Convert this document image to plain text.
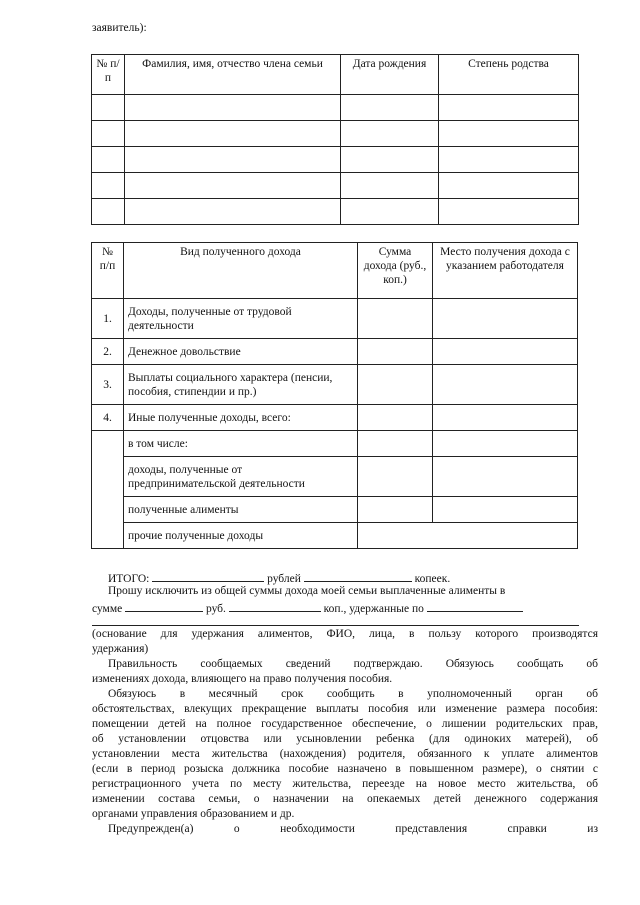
заявитель):
№ п/п	Фамилия, имя, отчество члена семьи	Дата рождения	Степень родства

№ п/п	Вид полученного дохода	Сумма дохода (руб., коп.)	Место получения дохода с указанием работодателя
1.	Доходы, полученные от трудовой деятельности		
2.	Денежное довольствие		
3.	Выплаты социального характера (пенсии, пособия, стипендии и пр.)		
4.	Иные полученные доходы, всего:		
	в том числе:		
	доходы, полученные от предпринимательской деятельности		
	полученные алименты		
	прочие полученные доходы		
ИТОГО:	рублей	копеек.
Прошу исключить из общей суммы дохода моей семьи выплаченные алименты в
сумме	руб.	коп., удержанные по
(основание для удержания алиментов, ФИО, лица, в пользу которого производятся
удержания)
Правильность сообщаемых сведений подтверждаю. Обязуюсь сообщать об
изменениях дохода, влияющего на право получения пособия.
Обязуюсь в месячный срок сообщить в уполномоченный орган об
обстоятельствах, влекущих прекращение выплаты пособия или изменение размера пособия:
помещении детей на полное государственное обеспечение, о лишении родительских прав,
об установлении отцовства или усыновлении ребенка (для одиноких матерей), об
установлении места жительства (нахождения) родителя, обязанного к уплате алиментов
(если в период розыска должника пособие назначено в повышенном размере), о снятии с
регистрационного учета по месту жительства, переезде на новое место жительства, об
изменении состава семьи, о назначении на опекаемых детей денежного содержания
органами управления образованием и др.
Предупрежден(а) о необходимости представления справки из
